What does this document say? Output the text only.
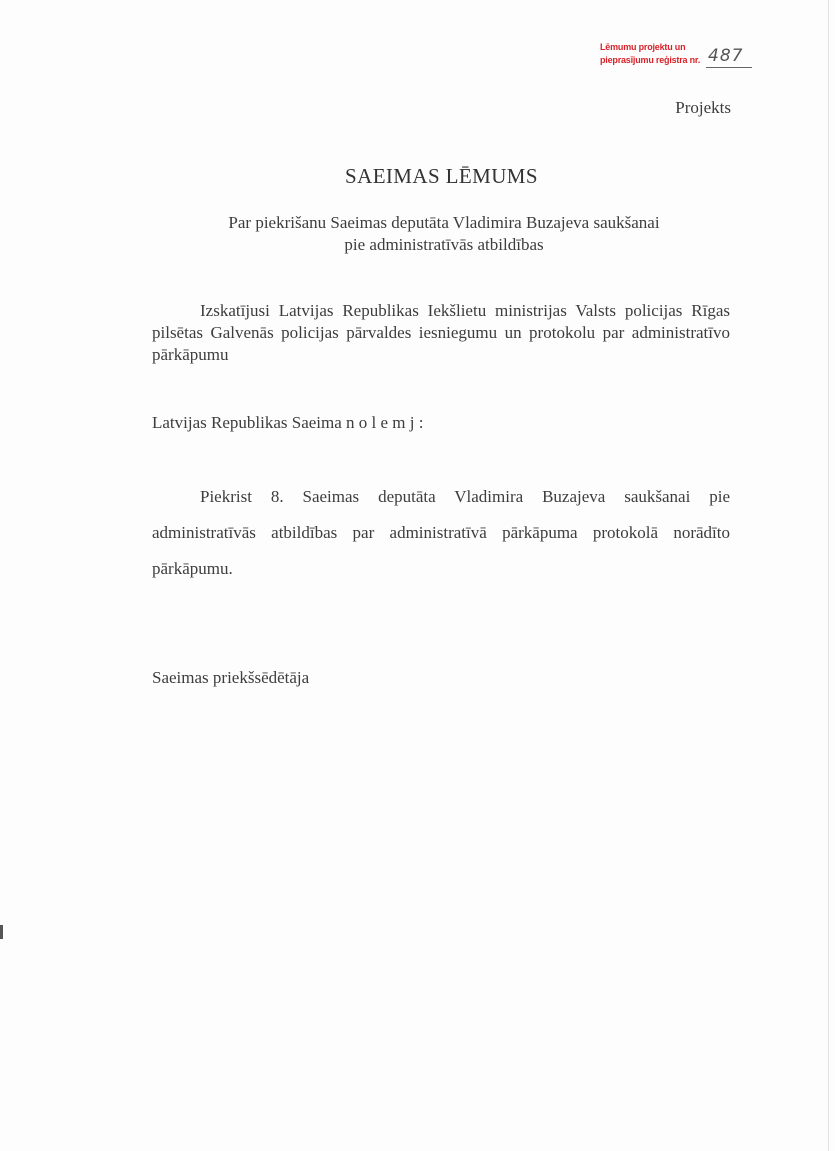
Lēmumu projektu un
pieprasījumu reģistra nr. 487
Projekts
SAEIMAS LĒMUMS
Par piekrišanu Saeimas deputāta Vladimira Buzajeva saukšanai
pie administratīvās atbildības

Izskatījusi Latvijas Republikas Iekšlietu ministrijas Valsts policijas Rīgas pilsētas Galvenās policijas pārvaldes iesniegumu un protokolu par administratīvo pārkāpumu

Latvijas Republikas Saeima n o l e m j :

Piekrist 8. Saeimas deputāta Vladimira Buzajeva saukšanai pie administratīvās atbildības par administratīvā pārkāpuma protokolā norādīto pārkāpumu.

Saeimas priekšsēdētāja
